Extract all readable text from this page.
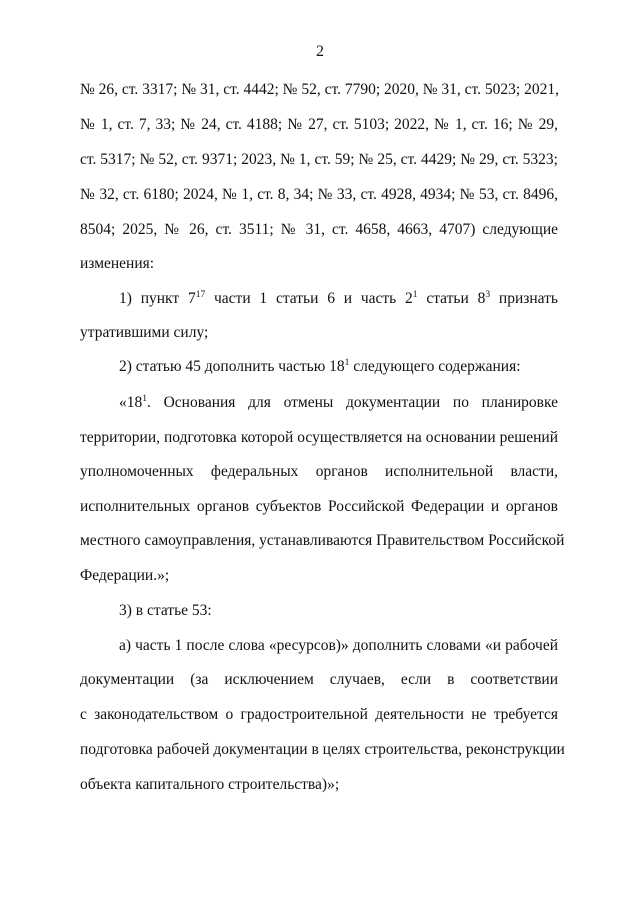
2
№ 26, ст. 3317; № 31, ст. 4442; № 52, ст. 7790; 2020, № 31, ст. 5023; 2021,
№ 1, ст. 7, 33; № 24, ст. 4188; № 27, ст. 5103; 2022, № 1, ст. 16; № 29,
ст. 5317; № 52, ст. 9371; 2023, № 1, ст. 59; № 25, ст. 4429; № 29, ст. 5323;
№ 32, ст. 6180; 2024, № 1, ст. 8, 34; № 33, ст. 4928, 4934; № 53, ст. 8496,
8504; 2025, № 26, ст. 3511; № 31, ст. 4658, 4663, 4707) следующие
изменения:
1) пункт $7^{17}$ части 1 статьи 6 и часть $2^1$ статьи $8^3$ признать
утратившими силу;
2) статью 45 дополнить частью $18^1$ следующего содержания:
«$18^1$. Основания для отмены документации по планировке
территории, подготовка которой осуществляется на основании решений
уполномоченных федеральных органов исполнительной власти,
исполнительных органов субъектов Российской Федерации и органов
местного самоуправления, устанавливаются Правительством Российской
Федерации.»;
3) в статье 53:
а) часть 1 после слова «ресурсов)» дополнить словами «и рабочей
документации (за исключением случаев, если в соответствии
с законодательством о градостроительной деятельности не требуется
подготовка рабочей документации в целях строительства, реконструкции
объекта капитального строительства)»;
